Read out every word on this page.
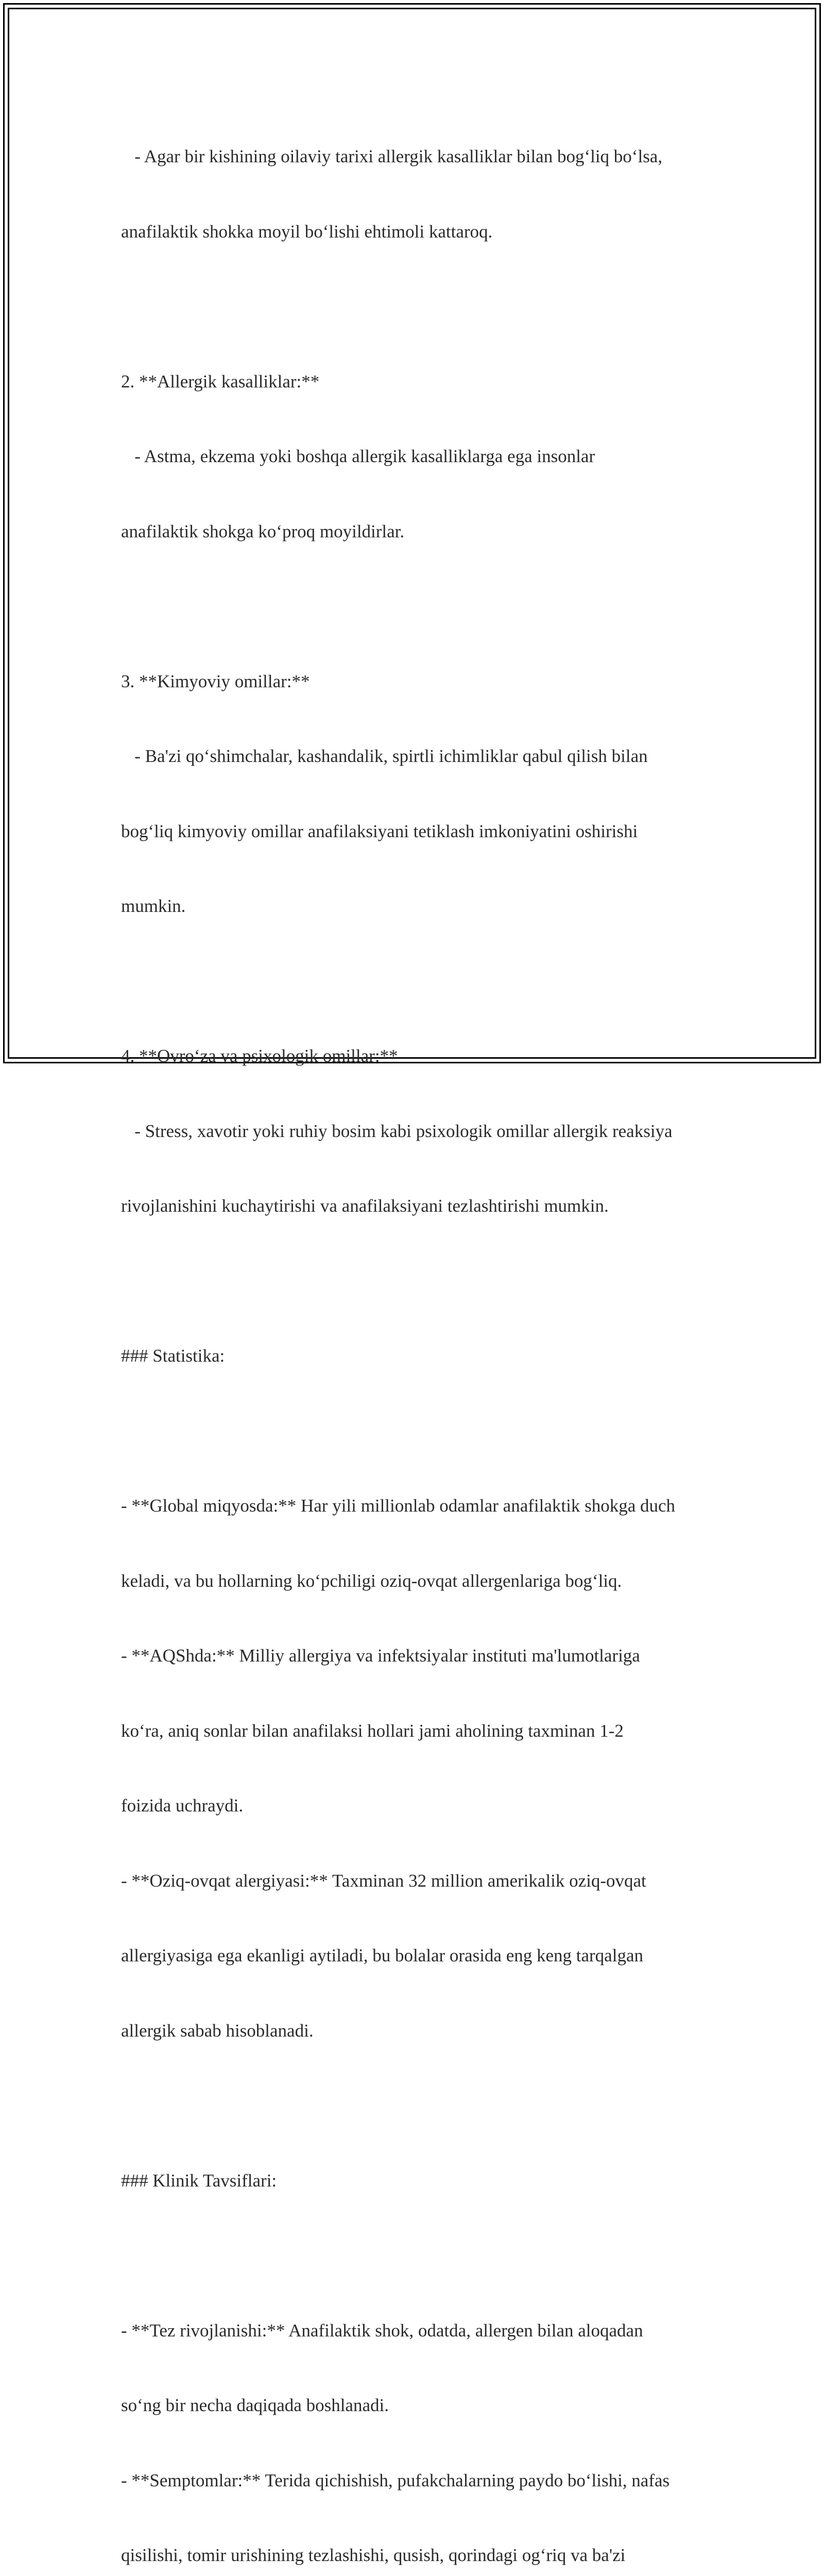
- Agar bir kishining oilaviy tarixi allergik kasalliklar bilan bog‘liq bo‘lsa,

anafilaktik shokka moyil bo‘lishi ehtimoli kattaroq.

2. **Allergik kasalliklar:**

- Astma, ekzema yoki boshqa allergik kasalliklarga ega insonlar

anafilaktik shokga ko‘proq moyildirlar.

3. **Kimyoviy omillar:**

- Ba'zi qo‘shimchalar, kashandalik, spirtli ichimliklar qabul qilish bilan

bog‘liq kimyoviy omillar anafilaksiyani tetiklash imkoniyatini oshirishi

mumkin.

4. **Ovro‘za va psixologik omillar:**

- Stress, xavotir yoki ruhiy bosim kabi psixologik omillar allergik reaksiya

rivojlanishini kuchaytirishi va anafilaksiyani tezlashtirishi mumkin.

### Statistika:

- **Global miqyosda:** Har yili millionlab odamlar anafilaktik shokga duch

keladi, va bu hollarning ko‘pchiligi oziq-ovqat allergenlariga bog‘liq.

- **AQShda:** Milliy allergiya va infektsiyalar instituti ma'lumotlariga

ko‘ra, aniq sonlar bilan anafilaksi hollari jami aholining taxminan 1-2

foizida uchraydi.

- **Oziq-ovqat alergiyasi:** Taxminan 32 million amerikalik oziq-ovqat

allergiyasiga ega ekanligi aytiladi, bu bolalar orasida eng keng tarqalgan

allergik sabab hisoblanadi.

### Klinik Tavsiflari:

- **Tez rivojlanishi:** Anafilaktik shok, odatda, allergen bilan aloqadan

so‘ng bir necha daqiqada boshlanadi.

- **Semptomlar:** Terida qichishish, pufakchalarning paydo bo‘lishi, nafas

qisilishi, tomir urishining tezlashishi, qusish, qorindagi og‘riq va ba'zi
